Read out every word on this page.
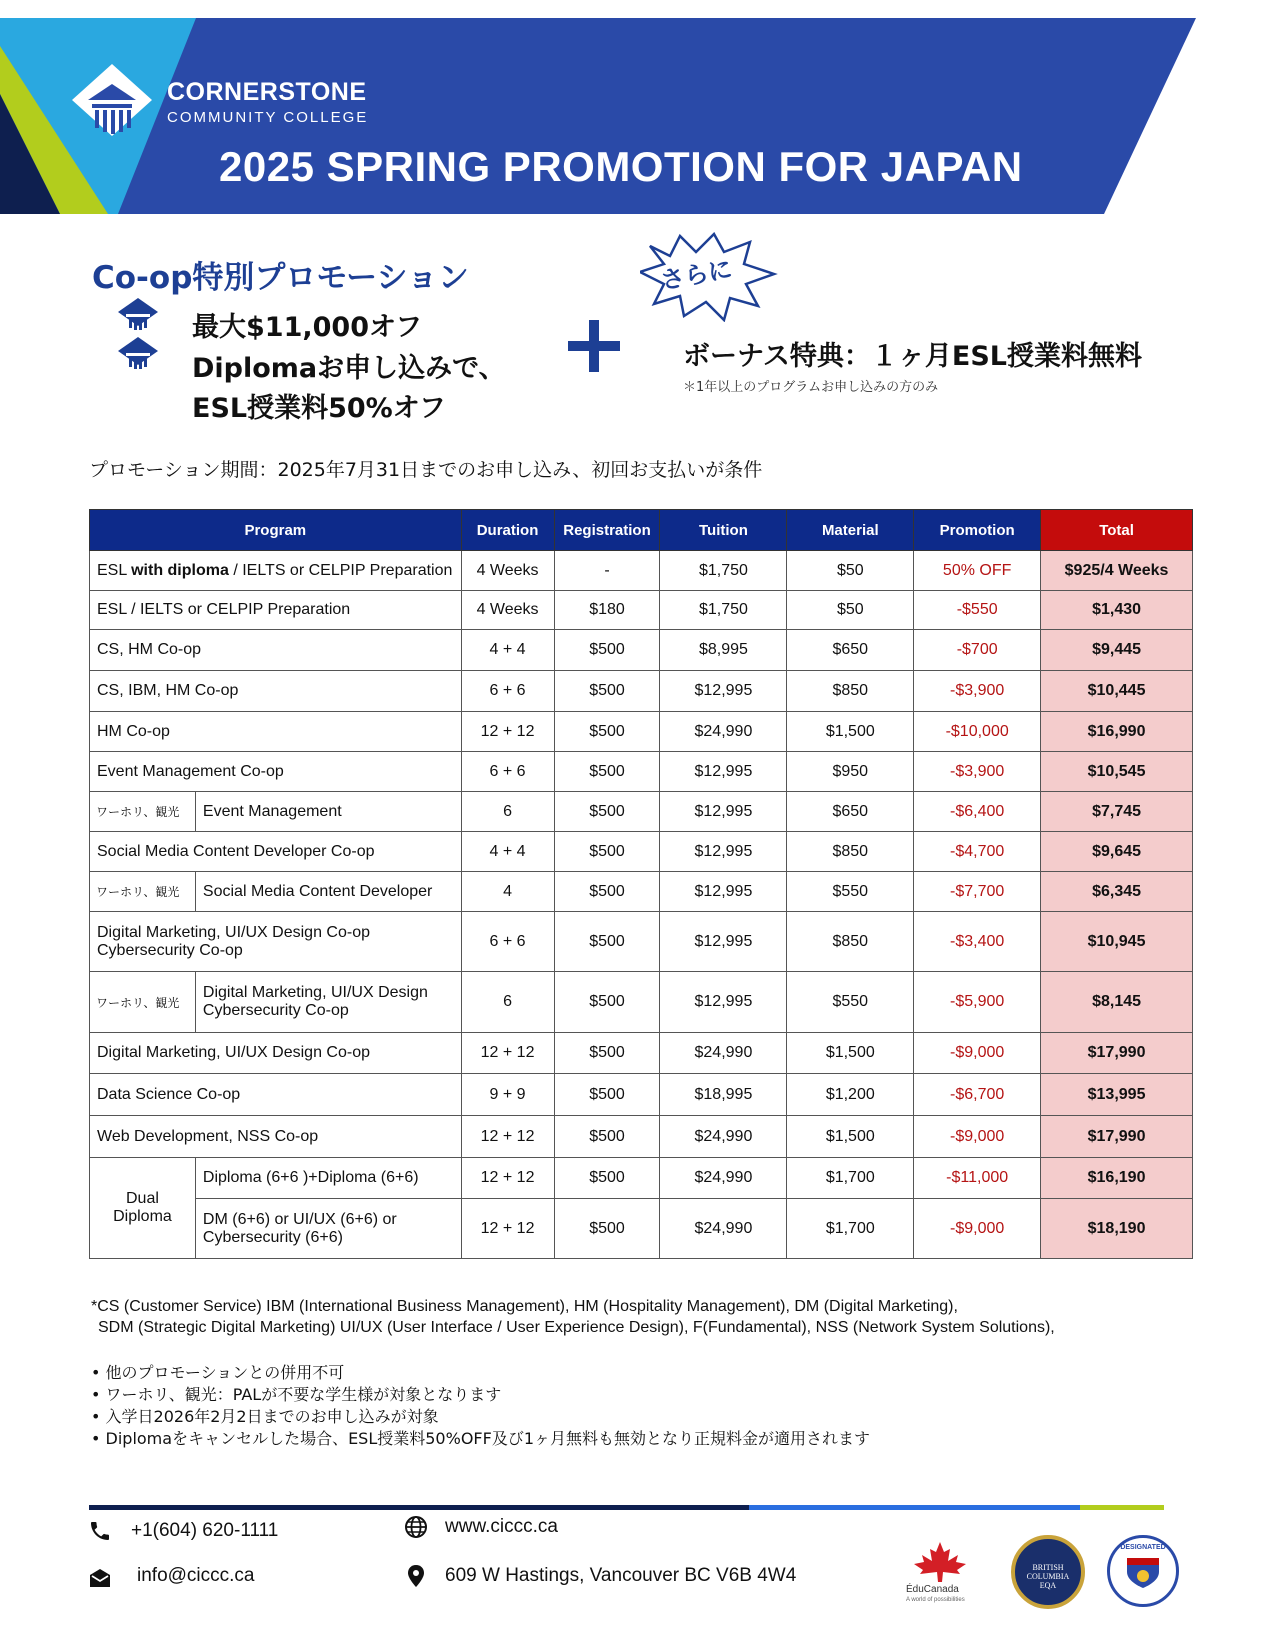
CORNERSTONE
COMMUNITY COLLEGE
2025 SPRING PROMOTION FOR JAPAN
Co-op特別プロモーション
最大$11,000オフ
Diplomaお申し込みで、
ESL授業料50%オフ
さらに
ボーナス特典：１ヶ月ESL授業料無料
＊1年以上のプログラムお申し込みの方のみ
プロモーション期間：2025年7月31日までのお申し込み、初回お支払いが条件
Program		Duration	Registration	Tuition	Material	Promotion	Total
ESL with diploma / IELTS or CELPIP Preparation		4 Weeks	-	$1,750	$50	50% OFF	$925/4 Weeks
ESL / IELTS or CELPIP Preparation		4 Weeks	$180	$1,750	$50	-$550	$1,430
CS, HM Co-op		4 + 4	$500	$8,995	$650	-$700	$9,445
CS, IBM, HM Co-op		6 + 6	$500	$12,995	$850	-$3,900	$10,445
HM Co-op		12 + 12	$500	$24,990	$1,500	-$10,000	$16,990
Event Management Co-op		6 + 6	$500	$12,995	$950	-$3,900	$10,545
ワーホリ、観光	Event Management	6	$500	$12,995	$650	-$6,400	$7,745
Social Media Content Developer Co-op		4 + 4	$500	$12,995	$850	-$4,700	$9,645
ワーホリ、観光	Social Media Content Developer	4	$500	$12,995	$550	-$7,700	$6,345

Digital Marketing, UI/UX Design Co-op
Cybersecurity Co-op		6 + 6	$500	$12,995	$850	-$3,400	$10,945
ワーホリ、観光	Digital Marketing, UI/UX Design
Cybersecurity Co-op	6	$500	$12,995	$550	-$5,900	$8,145
Digital Marketing, UI/UX Design Co-op		12 + 12	$500	$24,990	$1,500	-$9,000	$17,990
Data Science Co-op		9 + 9	$500	$18,995	$1,200	-$6,700	$13,995
Web Development, NSS Co-op		12 + 12	$500	$24,990	$1,500	-$9,000	$17,990

Dual
Diploma	Diploma (6+6 )+Diploma (6+6)	12 + 12	$500	$24,990	$1,700	-$11,000	$16,190

	DM (6+6) or UI/UX (6+6) or
Cybersecurity (6+6)	12 + 12	$500	$24,990	$1,700	-$9,000	$18,190
*CS (Customer Service) IBM (International Business Management), HM (Hospitality Management), DM (Digital Marketing),
SDM (Strategic Digital Marketing) UI/UX (User Interface / User Experience Design), F(Fundamental), NSS (Network System Solutions),
• 他のプロモーションとの併用不可
• ワーホリ、観光：PALが不要な学生様が対象となります
• 入学日2026年2月2日までのお申し込みが対象
• Diplomaをキャンセルした場合、ESL授業料50%OFF及び1ヶ月無料も無効となり正規料金が適用されます
+1(604) 620-1111
info@ciccc.ca
www.ciccc.ca
609 W Hastings, Vancouver BC V6B 4W4
ÉduCanada
A world of possibilities
BRITISH
COLUMBIA
EQA
DESIGNATED
